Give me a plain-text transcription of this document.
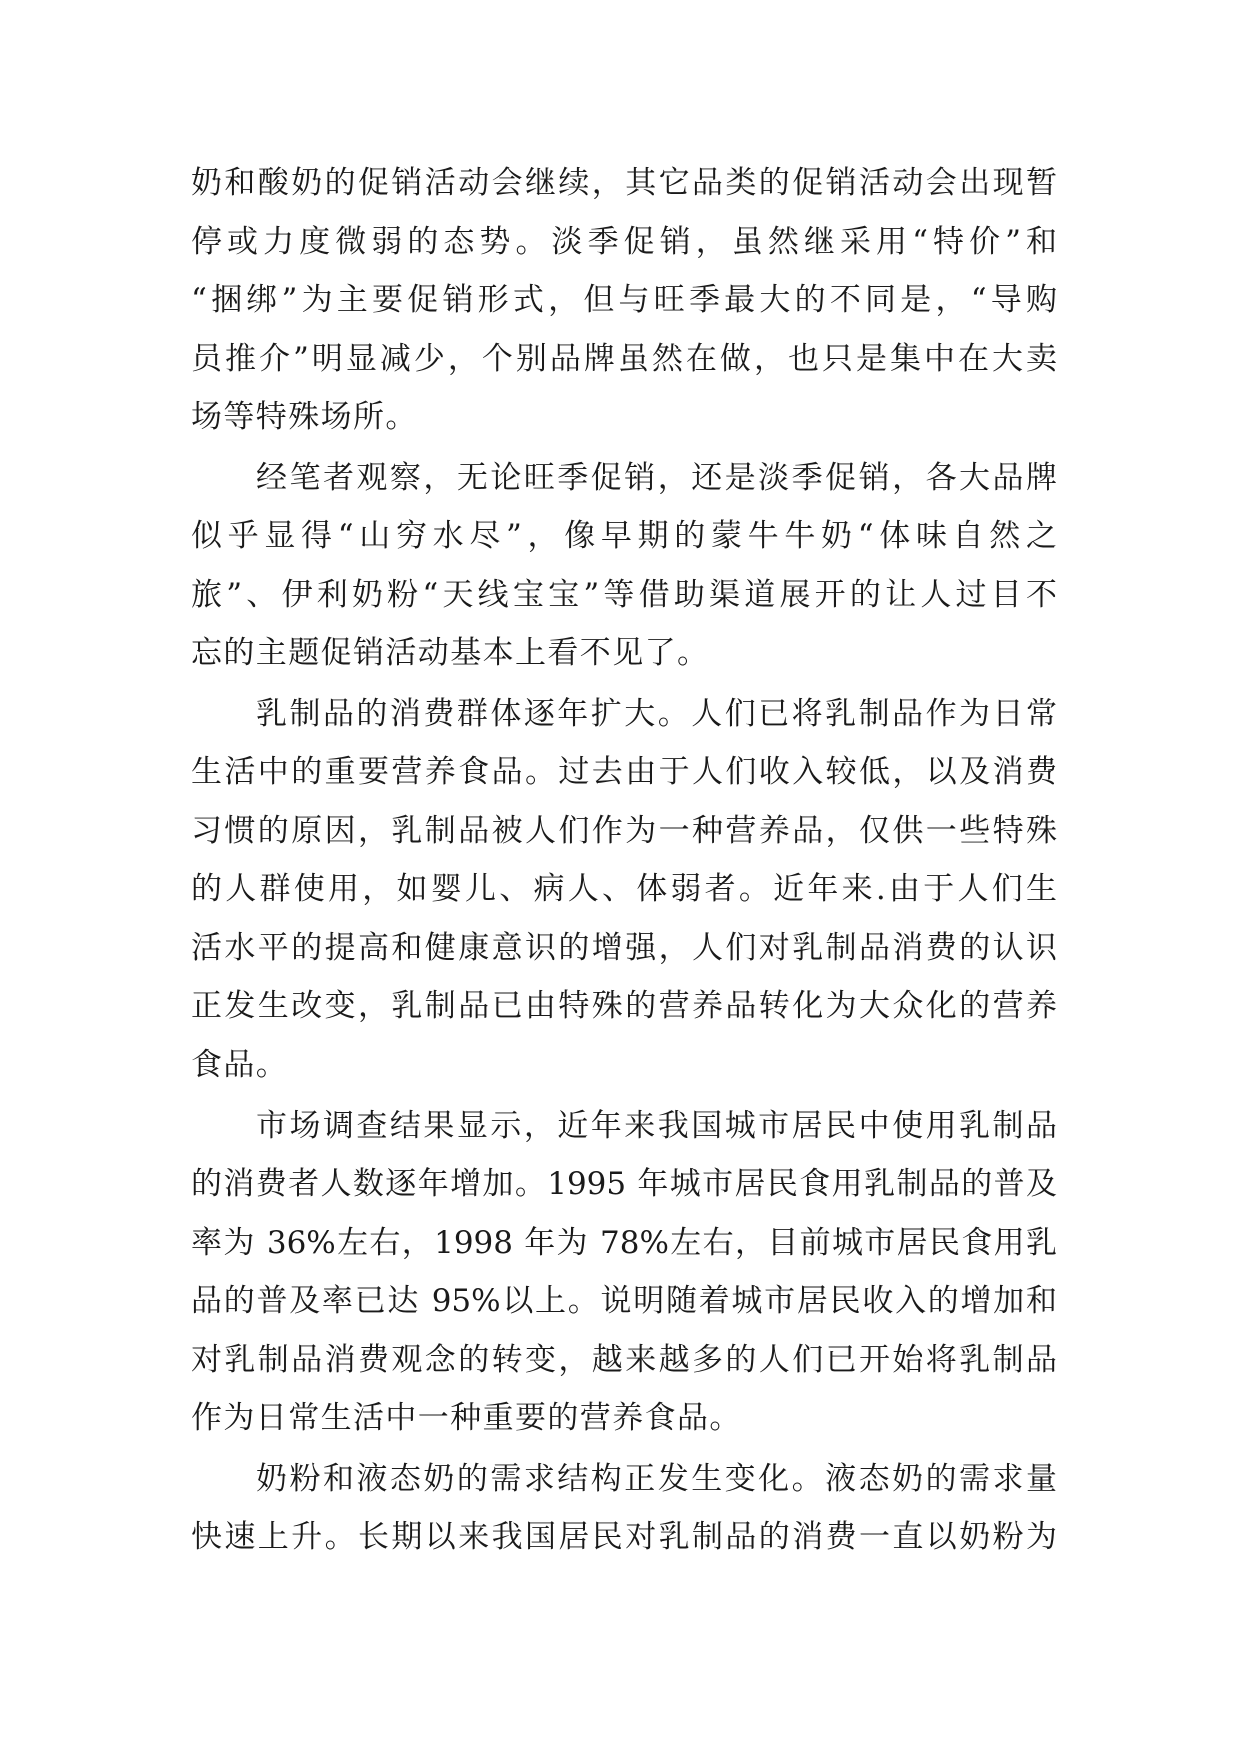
奶和酸奶的促销活动会继续，其它品类的促销活动会出现暂
停或力度微弱的态势。淡季促销，虽然继采用“特价”和
“捆绑”为主要促销形式，但与旺季最大的不同是，“导购
员推介”明显减少，个别品牌虽然在做，也只是集中在大卖
场等特殊场所。
经笔者观察，无论旺季促销，还是淡季促销，各大品牌
似乎显得“山穷水尽”，像早期的蒙牛牛奶“体味自然之
旅”、伊利奶粉“天线宝宝”等借助渠道展开的让人过目不
忘的主题促销活动基本上看不见了。
乳制品的消费群体逐年扩大。人们已将乳制品作为日常
生活中的重要营养食品。过去由于人们收入较低，以及消费
习惯的原因，乳制品被人们作为一种营养品，仅供一些特殊
的人群使用，如婴儿、病人、体弱者。近年来.由于人们生
活水平的提高和健康意识的增强，人们对乳制品消费的认识
正发生改变，乳制品已由特殊的营养品转化为大众化的营养
食品。
市场调查结果显示，近年来我国城市居民中使用乳制品
的消费者人数逐年增加。1995 年城市居民食用乳制品的普及
率为 36%左右，1998 年为 78%左右，目前城市居民食用乳
品的普及率已达 95%以上。说明随着城市居民收入的增加和
对乳制品消费观念的转变，越来越多的人们已开始将乳制品
作为日常生活中一种重要的营养食品。
奶粉和液态奶的需求结构正发生变化。液态奶的需求量
快速上升。长期以来我国居民对乳制品的消费一直以奶粉为
